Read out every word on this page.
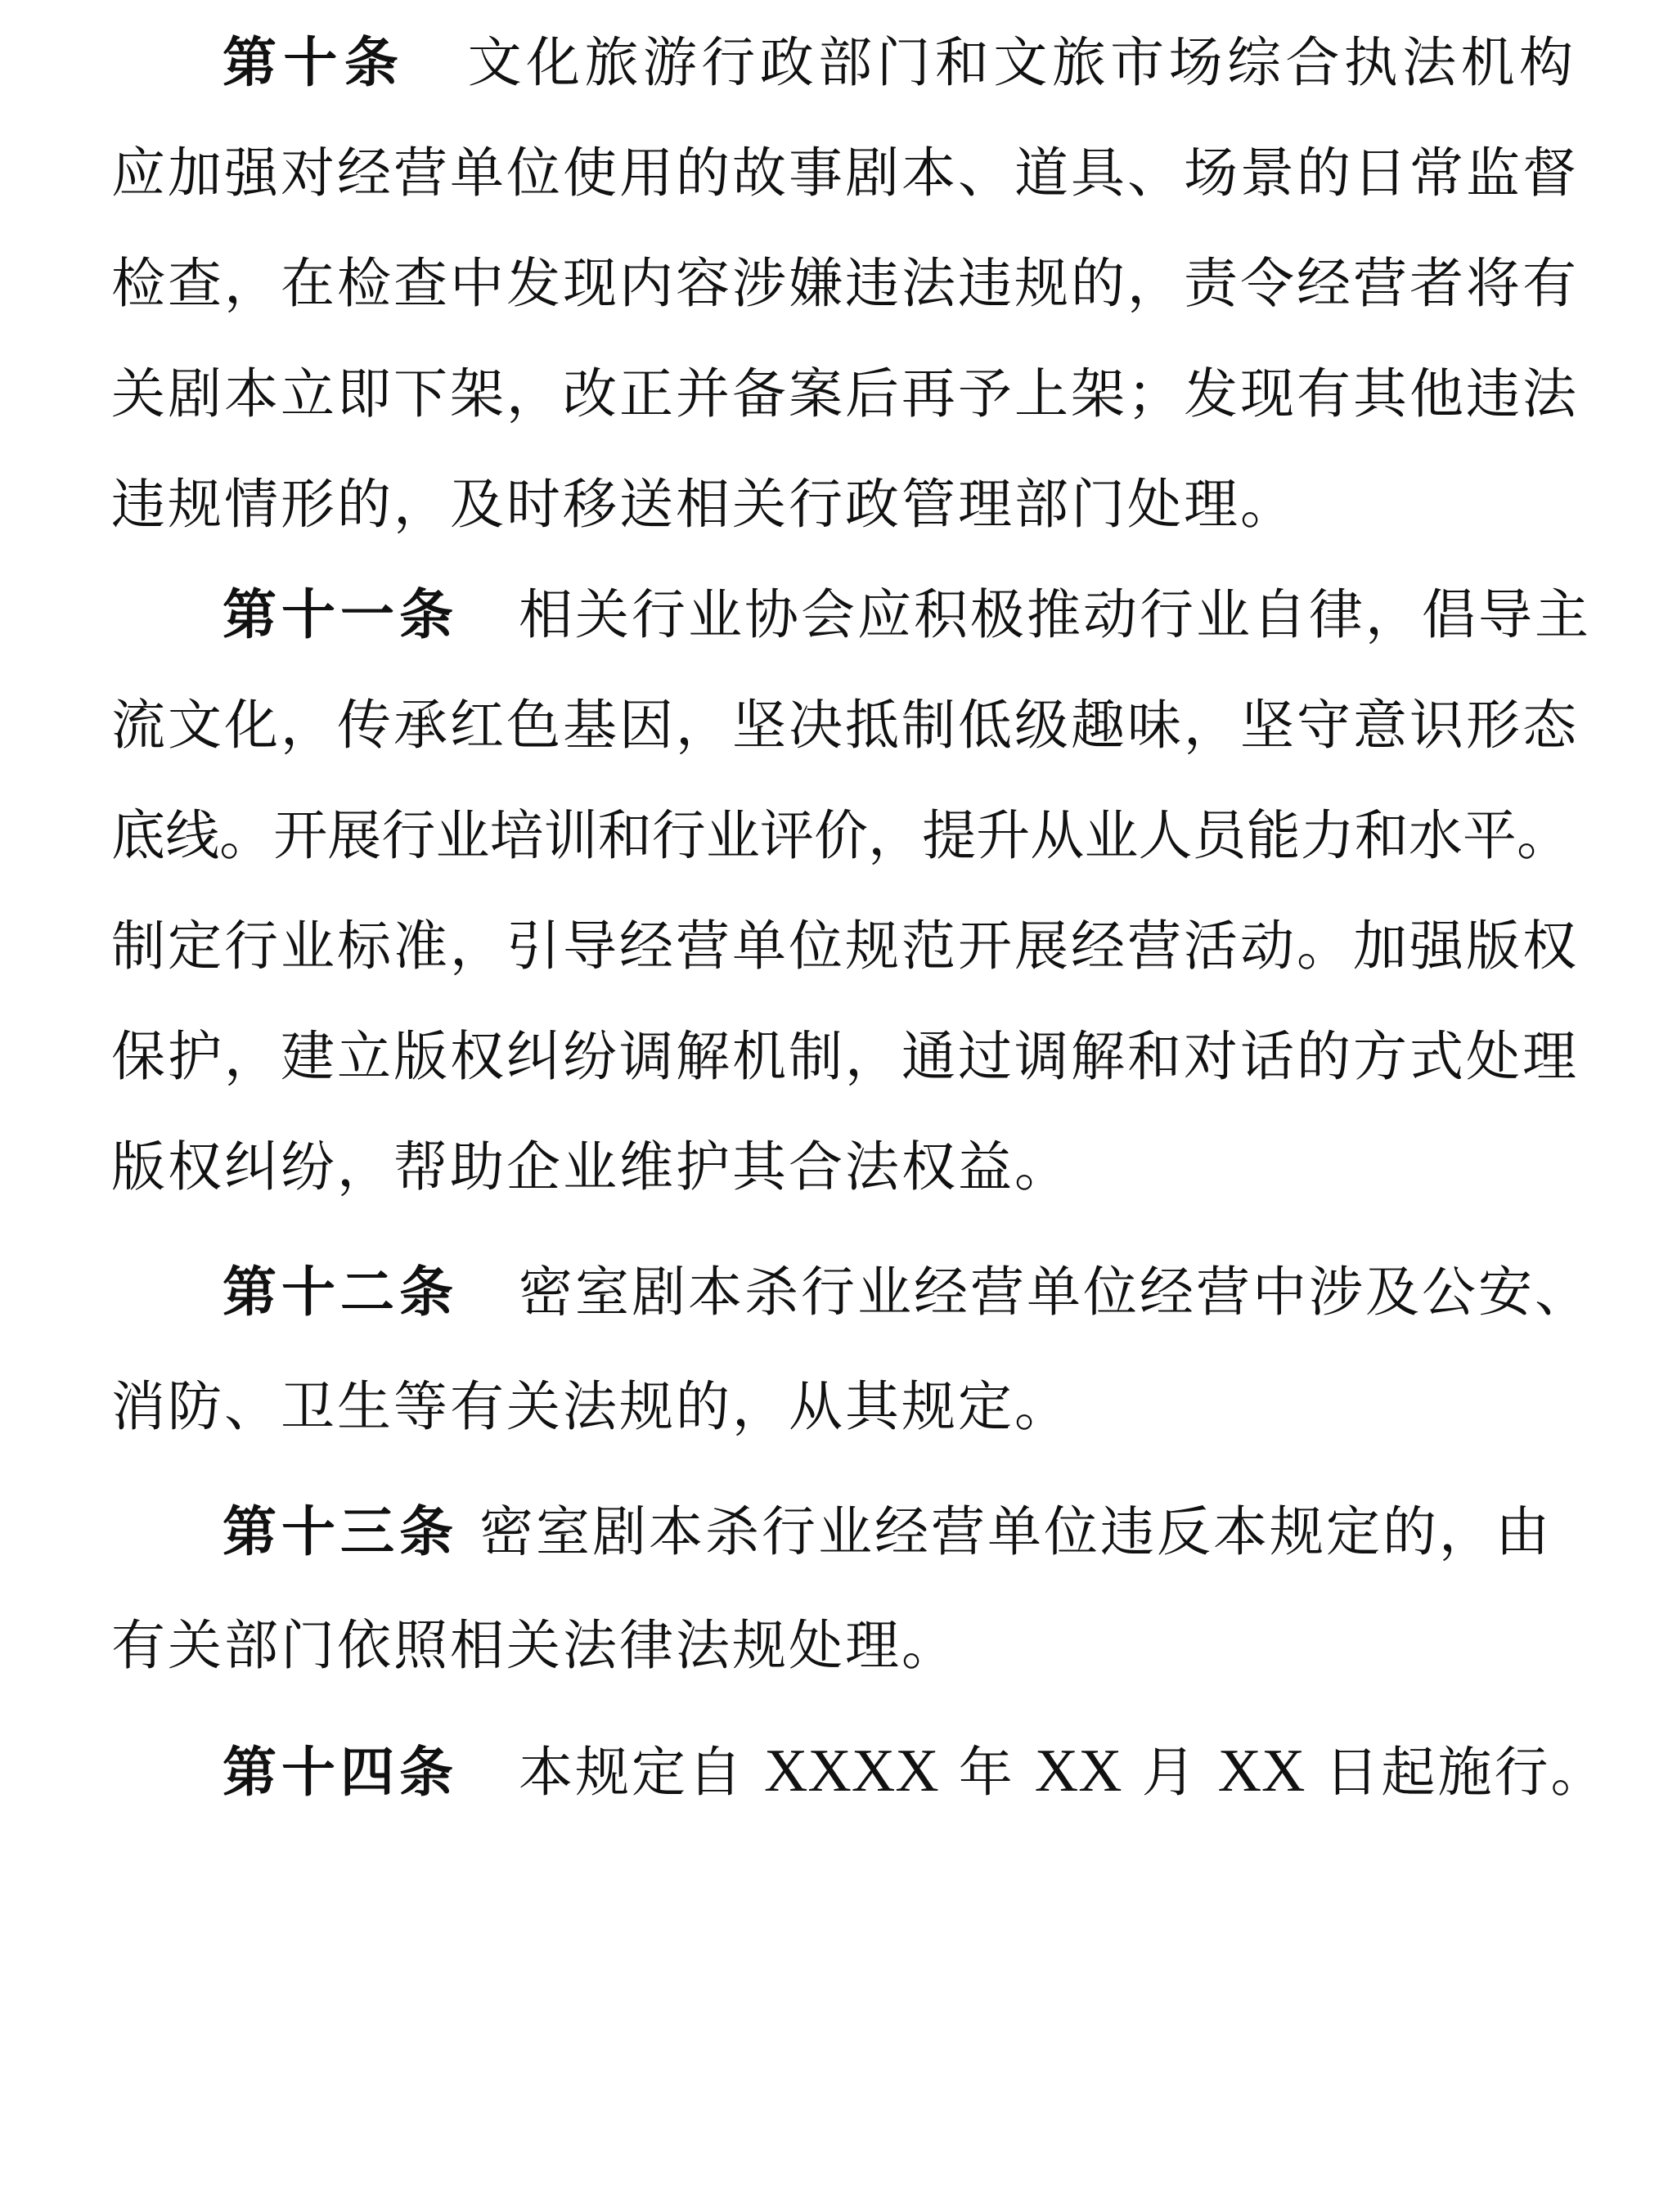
第十条 文化旅游行政部门和文旅市场综合执法机构
应加强对经营单位使用的故事剧本、道具、场景的日常监督
检查，在检查中发现内容涉嫌违法违规的，责令经营者将有
关剧本立即下架，改正并备案后再予上架；发现有其他违法
违规情形的，及时移送相关行政管理部门处理。
第十一条 相关行业协会应积极推动行业自律，倡导主
流文化，传承红色基因，坚决抵制低级趣味，坚守意识形态
底线。开展行业培训和行业评价，提升从业人员能力和水平。
制定行业标准，引导经营单位规范开展经营活动。加强版权
保护，建立版权纠纷调解机制，通过调解和对话的方式处理
版权纠纷，帮助企业维护其合法权益。
第十二条 密室剧本杀行业经营单位经营中涉及公安、
消防、卫生等有关法规的，从其规定。
第十三条 密室剧本杀行业经营单位违反本规定的，由
有关部门依照相关法律法规处理。
第十四条 本规定自 XXXX 年 XX 月 XX 日起施行。
